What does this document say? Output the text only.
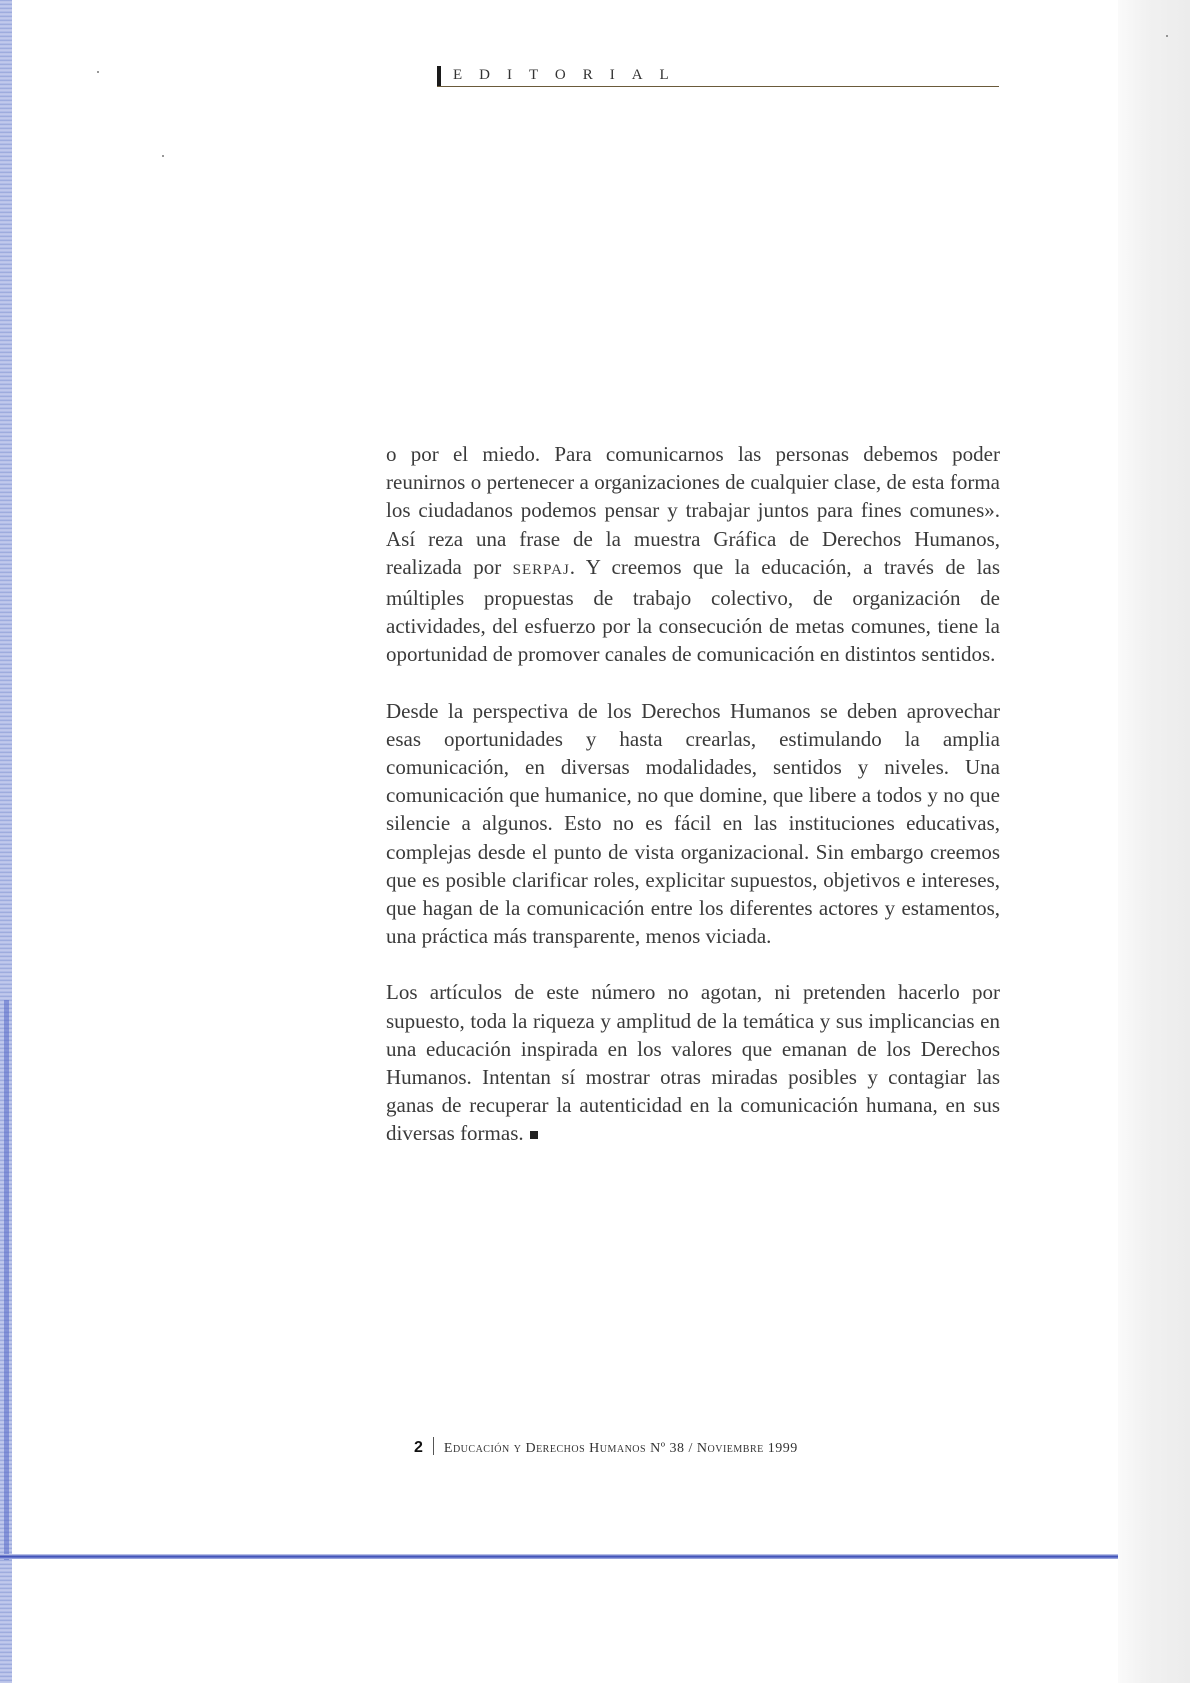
EDITORIAL

o por el miedo. Para comunicarnos las personas debemos poder reunirnos o pertenecer a organizaciones de cualquier clase, de esta forma los ciudadanos podemos pensar y trabajar juntos para fines comunes». Así reza una frase de la muestra Gráfica de Derechos Humanos, realizada por SERPAJ. Y creemos que la educación, a través de las múltiples propuestas de trabajo colectivo, de organización de actividades, del esfuerzo por la consecución de metas comunes, tiene la oportunidad de promover canales de comunicación en distintos sentidos.

Desde la perspectiva de los Derechos Humanos se deben aprovechar esas oportunidades y hasta crearlas, estimulando la amplia comunicación, en diversas modalidades, sentidos y niveles. Una comunicación que humanice, no que domine, que libere a todos y no que silencie a algunos. Esto no es fácil en las instituciones educativas, complejas desde el punto de vista organizacional. Sin embargo creemos que es posible clarificar roles, explicitar supuestos, objetivos e intereses, que hagan de la comunicación entre los diferentes actores y estamentos, una práctica más transparente, menos viciada.

Los artículos de este número no agotan, ni pretenden hacerlo por supuesto, toda la riqueza y amplitud de la temática y sus implicancias en una educación inspirada en los valores que emanan de los Derechos Humanos. Intentan sí mostrar otras miradas posibles y contagiar las ganas de recuperar la autenticidad en la comunicación humana, en sus diversas formas.

2 Educación y Derechos Humanos Nº 38 / Noviembre 1999
